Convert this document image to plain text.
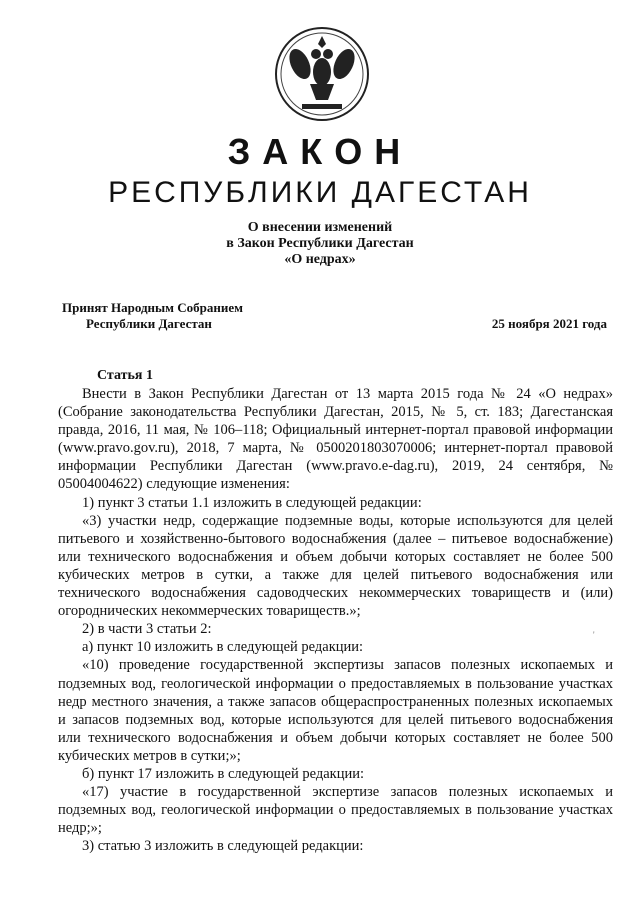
ЗАКОН
РЕСПУБЛИКИ ДАГЕСТАН
О внесении изменений
в Закон Республики Дагестан
«О недрах»
Принят Народным Собранием
Республики Дагестан	25 ноября 2021 года
Статья 1

Внести в Закон Республики Дагестан от 13 марта 2015 года № 24 «О недрах» (Собрание законодательства Республики Дагестан, 2015, № 5, ст. 183; Дагестанская правда, 2016, 11 мая, № 106–118; Официальный интернет-портал правовой информации (www.pravo.gov.ru), 2018, 7 марта, № 0500201803070006; интернет-портал правовой информации Республики Дагестан (www.pravo.e-dag.ru), 2019, 24 сентября, № 05004004622) следующие изменения:

1) пункт 3 статьи 1.1 изложить в следующей редакции:

«3) участки недр, содержащие подземные воды, которые используются для целей питьевого и хозяйственно-бытового водоснабжения (далее – питьевое водоснабжение) или технического водоснабжения и объем добычи которых составляет не более 500 кубических метров в сутки, а также для целей питьевого водоснабжения или технического водоснабжения садоводческих некоммерческих товариществ и (или) огороднических некоммерческих товариществ.»;

2) в части 3 статьи 2:

а) пункт 10 изложить в следующей редакции:

«10) проведение государственной экспертизы запасов полезных ископаемых и подземных вод, геологической информации о предоставляемых в пользование участках недр местного значения, а также запасов общераспространенных полезных ископаемых и запасов подземных вод, которые используются для целей питьевого водоснабжения или технического водоснабжения и объем добычи которых составляет не более 500 кубических метров в сутки;»;

б) пункт 17 изложить в следующей редакции:

«17) участие в государственной экспертизе запасов полезных ископаемых и подземных вод, геологической информации о предоставляемых в пользование участках недр;»;

3) статью 3 изложить в следующей редакции:

'
